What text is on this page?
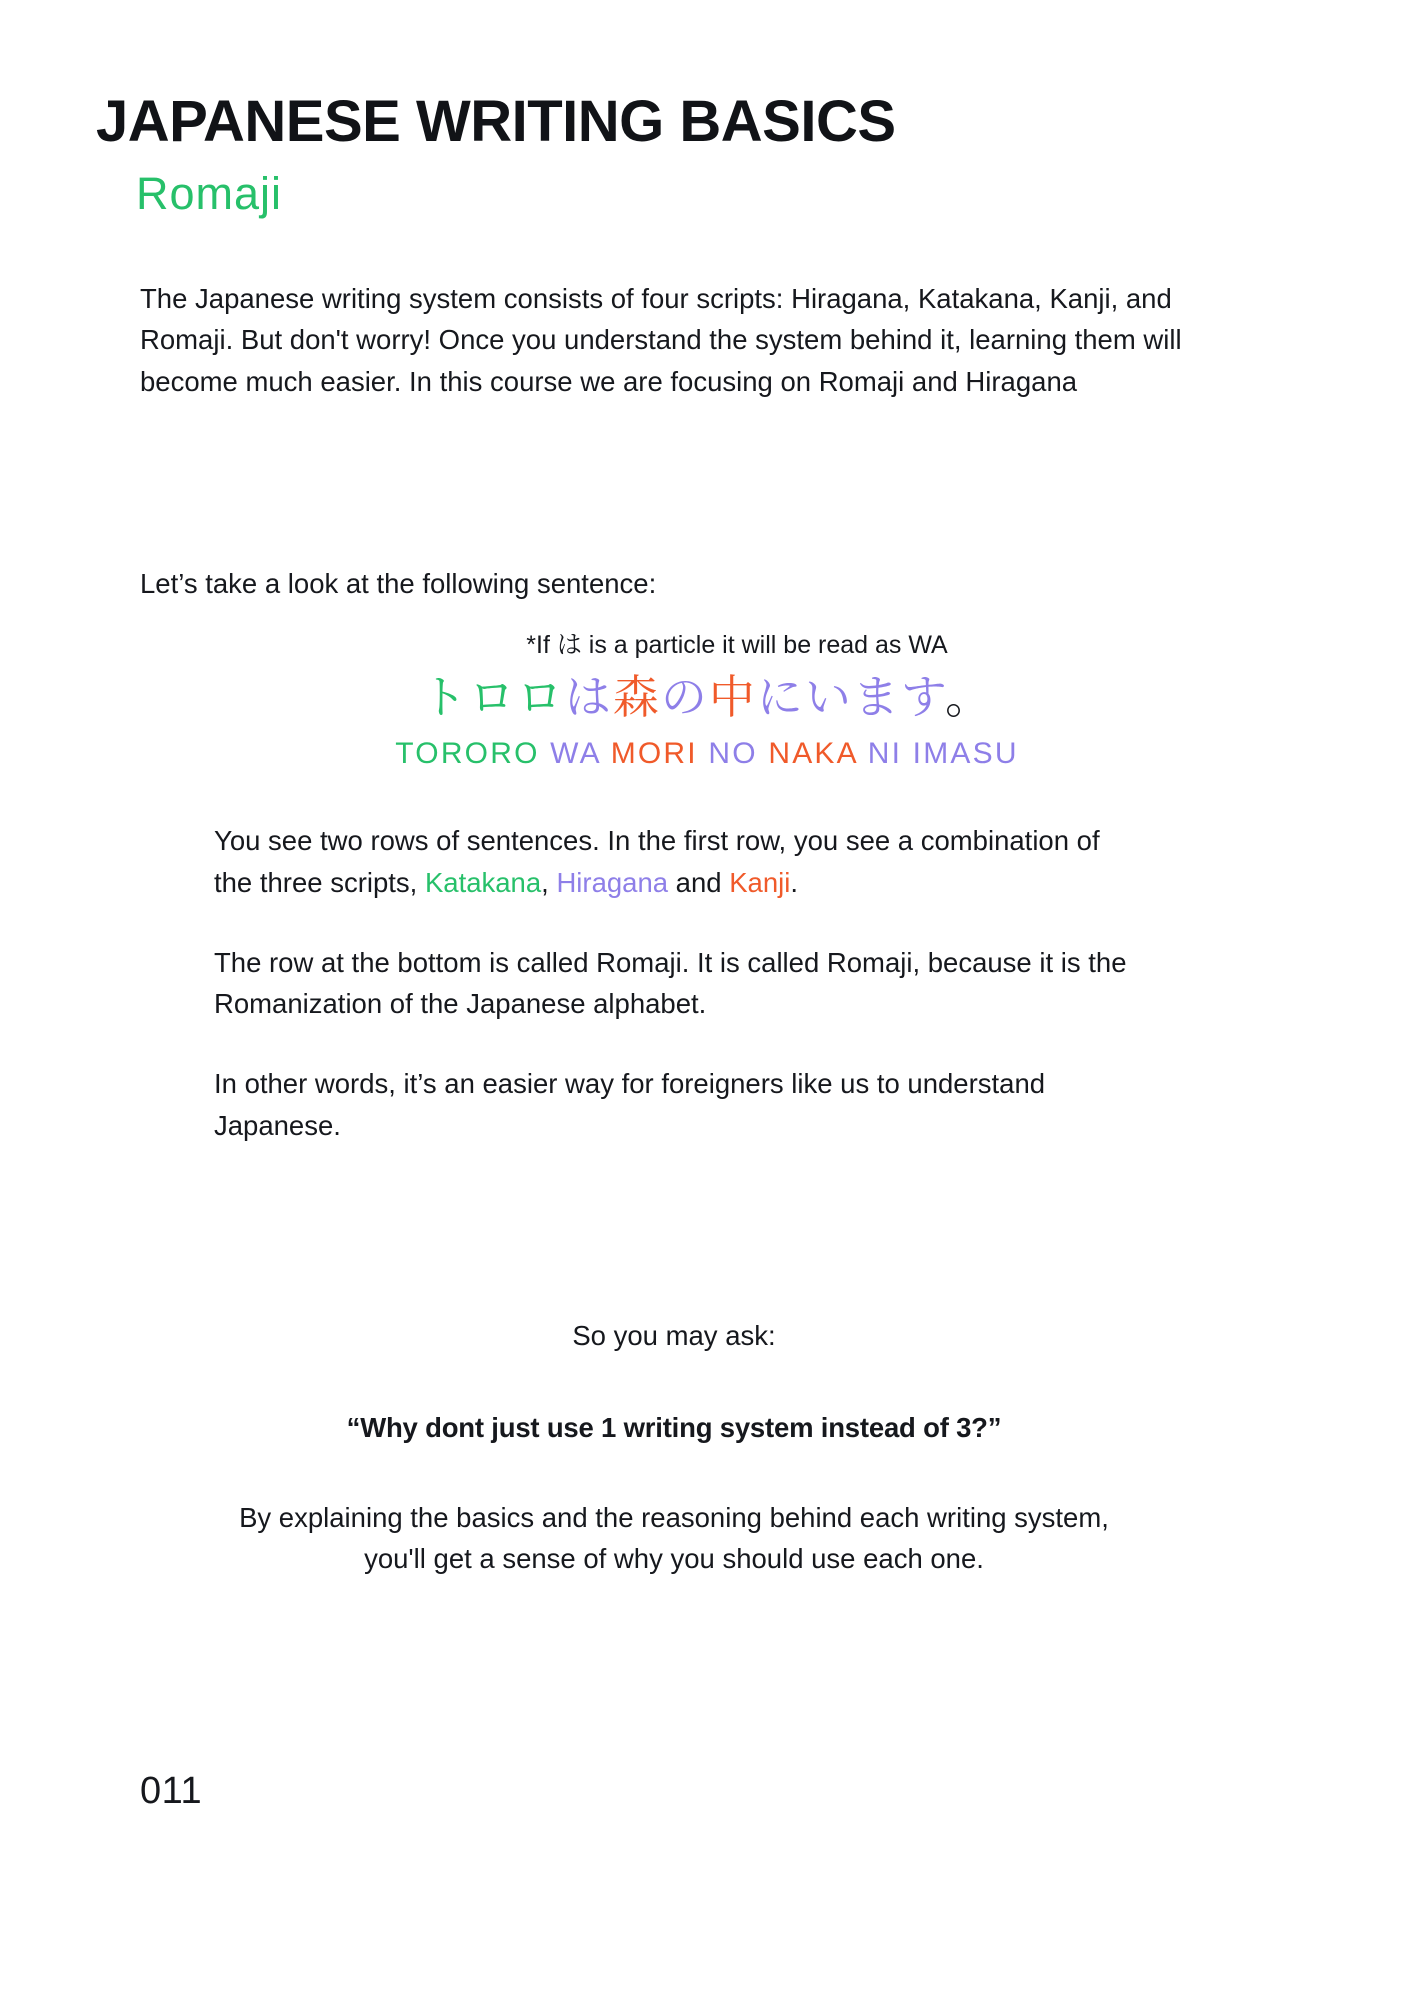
JAPANESE WRITING BASICS
Romaji

The Japanese writing system consists of four scripts: Hiragana, Katakana, Kanji, and Romaji. But don't worry! Once you understand the system behind it, learning them will become much easier. In this course we are focusing on Romaji and Hiragana

Let’s take a look at the following sentence:

*If は is a particle it will be read as WA

トロロは森の中にいます。

TORORO WA MORI NO NAKA NI IMASU

You see two rows of sentences. In the first row, you see a combination of the three scripts, Katakana, Hiragana and Kanji.

The row at the bottom is called Romaji. It is called Romaji, because it is the Romanization of the Japanese alphabet.

In other words, it’s an easier way for foreigners like us to understand Japanese.

So you may ask:

“Why dont just use 1 writing system instead of 3?”

By explaining the basics and the reasoning behind each writing system, you'll get a sense of why you should use each one.

011
